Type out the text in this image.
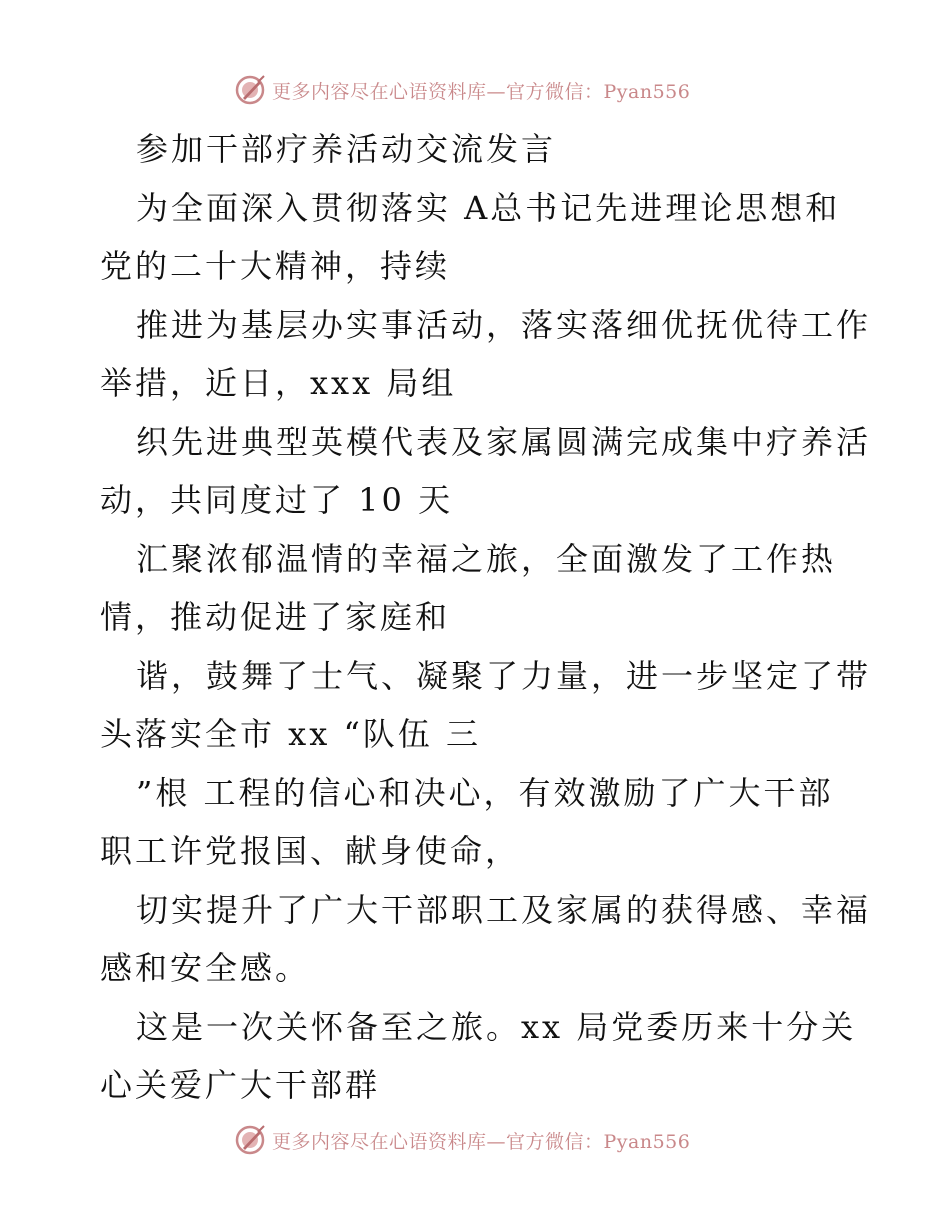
更多内容尽在心语资料库—官方微信：Pyan556
参加干部疗养活动交流发言
为全面深入贯彻落实 A总书记先进理论思想和
党的二十大精神，持续
推进为基层办实事活动，落实落细优抚优待工作
举措，近日，xxx 局组
织先进典型英模代表及家属圆满完成集中疗养活
动，共同度过了 10 天
汇聚浓郁温情的幸福之旅，全面激发了工作热
情，推动促进了家庭和
谐，鼓舞了士气、凝聚了力量，进一步坚定了带
头落实全市 xx “队伍 三
”根 工程的信心和决心，有效激励了广大干部
职工许党报国、献身使命，
切实提升了广大干部职工及家属的获得感、幸福
感和安全感。
这是一次关怀备至之旅。xx 局党委历来十分关
心关爱广大干部群
更多内容尽在心语资料库—官方微信：Pyan556
